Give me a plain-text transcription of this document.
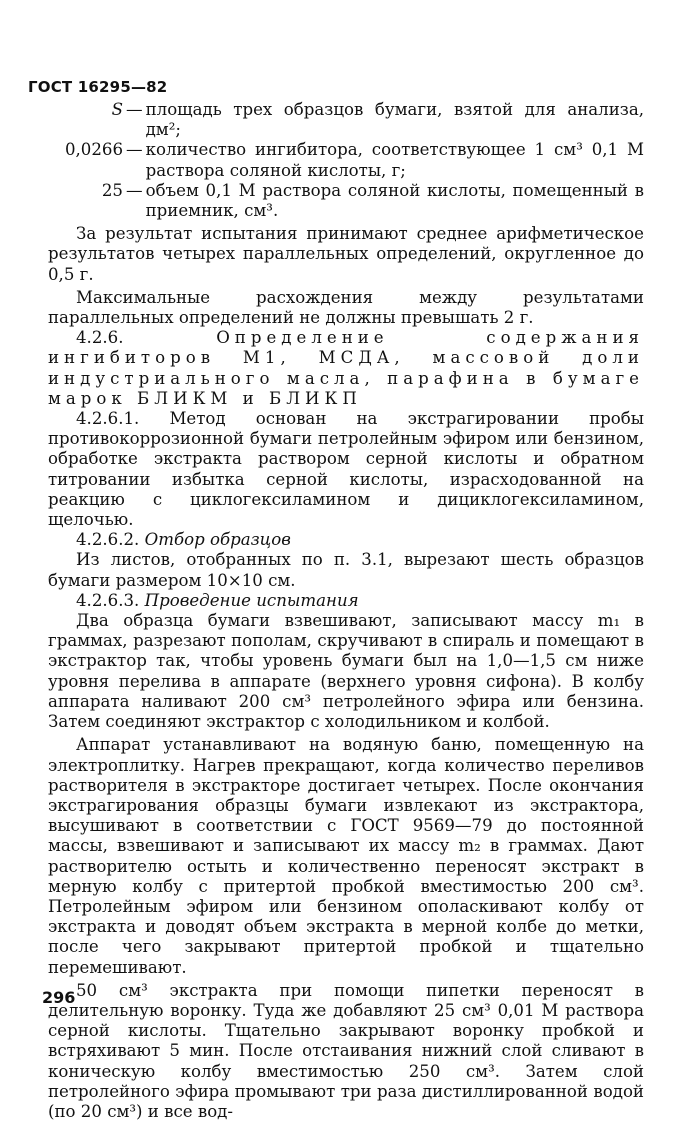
ГОСТ 16295—82
S — площадь трех образцов бумаги, взятой для анализа, дм²;
0,0266 — количество ингибитора, соответствующее 1 см³ 0,1 М раствора соляной кислоты, г;
25 — объем 0,1 М раствора соляной кислоты, помещенный в приемник, см³.

За результат испытания принимают среднее арифметическое результатов четырех параллельных определений, округленное до 0,5 г.

Максимальные расхождения между результатами параллельных определений не должны превышать 2 г.

4.2.6.	Определение содержания ингибиторов М1, МСДА, массовой доли индустриального масла, парафина в бумаге марок БЛИКМ и БЛИКП

4.2.6.1. Метод основан на экстрагировании пробы противокоррозионной бумаги петролейным эфиром или бензином, обработке экстракта раствором серной кислоты и обратном титровании избытка серной кислоты, израсходованной на реакцию с циклогексиламином и дициклогексиламином, щелочью.

4.2.6.2. Отбор образцов

Из листов, отобранных по п. 3.1, вырезают шесть образцов бумаги размером 10×10 см.

4.2.6.3. Проведение испытания

Два образца бумаги взвешивают, записывают массу m₁ в граммах, разрезают пополам, скручивают в спираль и помещают в экстрактор так, чтобы уровень бумаги был на 1,0—1,5 см ниже уровня перелива в аппарате (верхнего уровня сифона). В колбу аппарата наливают 200 см³ петролейного эфира или бензина. Затем соединяют экстрактор с холодильником и колбой.

Аппарат устанавливают на водяную баню, помещенную на электроплитку. Нагрев прекращают, когда количество переливов растворителя в экстракторе достигает четырех. После окончания экстрагирования образцы бумаги извлекают из экстрактора, высушивают в соответствии с ГОСТ 9569—79 до постоянной массы, взвешивают и записывают их массу m₂ в граммах. Дают растворителю остыть и количественно переносят экстракт в мерную колбу с притертой пробкой вместимостью 200 см³. Петролейным эфиром или бензином ополаскивают колбу от экстракта и доводят объем экстракта в мерной колбе до метки, после чего закрывают притертой пробкой и тщательно перемешивают.

50 см³ экстракта при помощи пипетки переносят в делительную воронку. Туда же добавляют 25 см³ 0,01 М раствора серной кислоты. Тщательно закрывают воронку пробкой и встряхивают 5 мин. После отстаивания нижний слой сливают в коническую колбу вместимостью 250 см³. Затем слой петролейного эфира промывают три раза дистиллированной водой (по 20 см³) и все вод-

296
